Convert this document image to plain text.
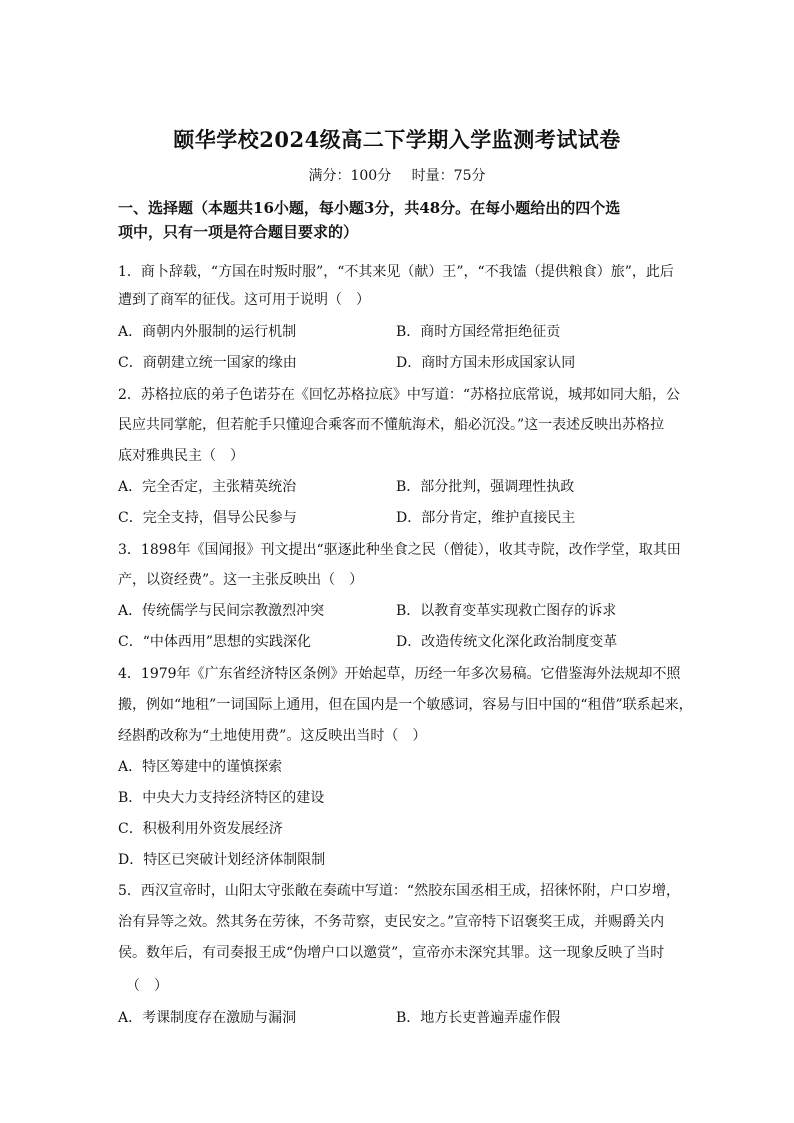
颐华学校2024级高二下学期入学监测考试试卷
满分：100分 时量：75分
一、选择题（本题共16小题，每小题3分，共48分。在每小题给出的四个选
项中，只有一项是符合题目要求的）
1．商卜辞载，“方国在时叛时服”，“不其来见（献）王”，“不我馌（提供粮食）旅”，此后
遭到了商军的征伐。这可用于说明（　）
A．商朝内外服制的运行机制	B．商时方国经常拒绝征贡
C．商朝建立统一国家的缘由	D．商时方国未形成国家认同
2．苏格拉底的弟子色诺芬在《回忆苏格拉底》中写道：“苏格拉底常说，城邦如同大船，公
民应共同掌舵，但若舵手只懂迎合乘客而不懂航海术，船必沉没。”这一表述反映出苏格拉
底对雅典民主（　）
A．完全否定，主张精英统治	B．部分批判，强调理性执政
C．完全支持，倡导公民参与	D．部分肯定，维护直接民主
3．1898年《国闻报》刊文提出“驱逐此种坐食之民（僧徒），收其寺院，改作学堂，取其田
产，以资经费”。这一主张反映出（　）
A．传统儒学与民间宗教激烈冲突	B．以教育变革实现救亡图存的诉求
C．“中体西用”思想的实践深化	D．改造传统文化深化政治制度变革
4．1979年《广东省经济特区条例》开始起草，历经一年多次易稿。它借鉴海外法规却不照
搬，例如“地租”一词国际上通用，但在国内是一个敏感词，容易与旧中国的“租借”联系起来，
经斟酌改称为“土地使用费”。这反映出当时（　）
A．特区筹建中的谨慎探索
B．中央大力支持经济特区的建设
C．积极利用外资发展经济
D．特区已突破计划经济体制限制
5．西汉宣帝时，山阳太守张敞在奏疏中写道：“然胶东国丞相王成，招徕怀附，户口岁增，
治有异等之效。然其务在劳徕，不务苛察，吏民安之。”宣帝特下诏褒奖王成，并赐爵关内
侯。数年后，有司奏报王成“伪增户口以邀赏”，宣帝亦未深究其罪。这一现象反映了当时
（　）
A．考课制度存在激励与漏洞	B．地方长吏普遍弄虚作假
